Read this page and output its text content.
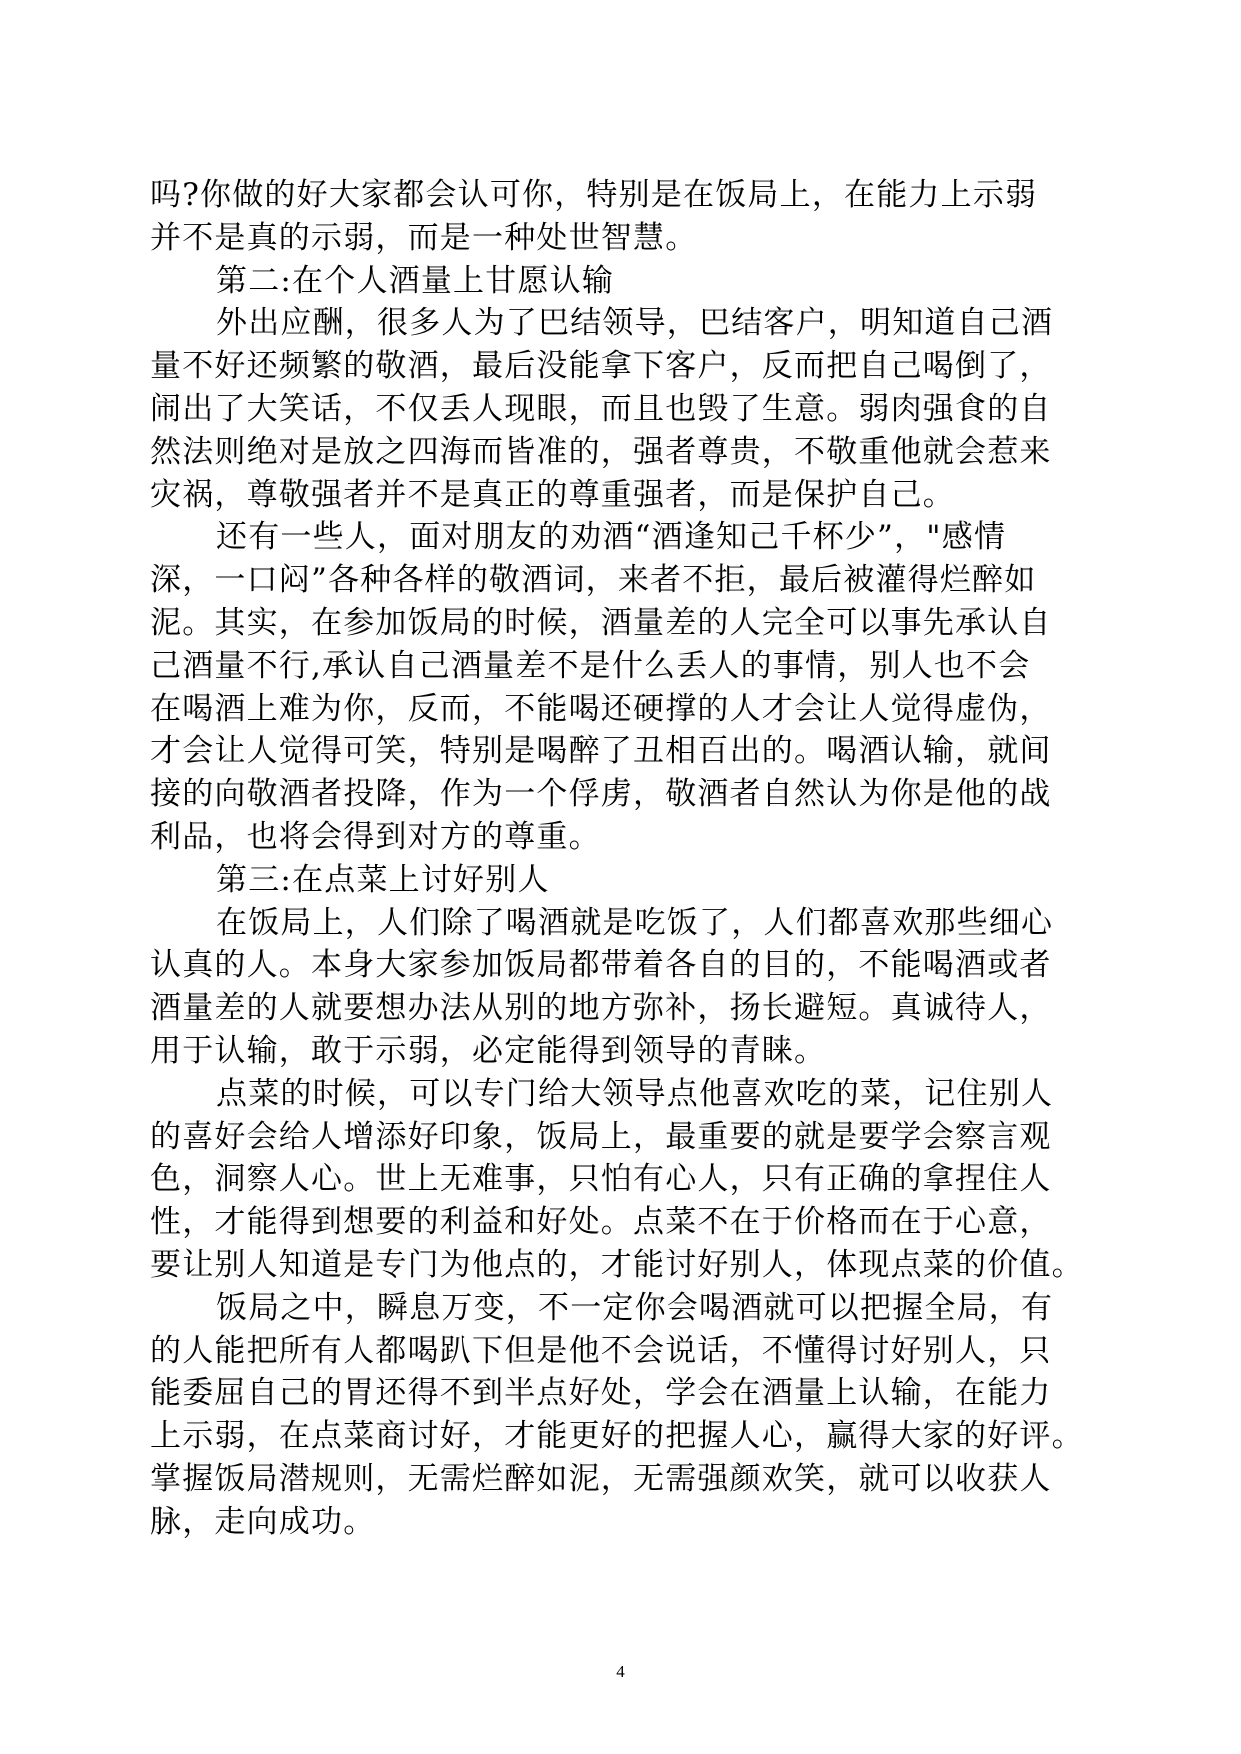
吗?你做的好大家都会认可你，特别是在饭局上，在能力上示弱
并不是真的示弱，而是一种处世智慧。
第二:在个人酒量上甘愿认输
外出应酬，很多人为了巴结领导，巴结客户，明知道自己酒
量不好还频繁的敬酒，最后没能拿下客户，反而把自己喝倒了，
闹出了大笑话，不仅丢人现眼，而且也毁了生意。弱肉强食的自
然法则绝对是放之四海而皆准的，强者尊贵，不敬重他就会惹来
灾祸，尊敬强者并不是真正的尊重强者，而是保护自己。
还有一些人，面对朋友的劝酒“酒逢知己千杯少”，"感情
深，一口闷”各种各样的敬酒词，来者不拒，最后被灌得烂醉如
泥。其实，在参加饭局的时候，酒量差的人完全可以事先承认自
己酒量不行,承认自己酒量差不是什么丢人的事情，别人也不会
在喝酒上难为你，反而，不能喝还硬撑的人才会让人觉得虚伪，
才会让人觉得可笑，特别是喝醉了丑相百出的。喝酒认输，就间
接的向敬酒者投降，作为一个俘虏，敬酒者自然认为你是他的战
利品，也将会得到对方的尊重。
第三:在点菜上讨好别人
在饭局上，人们除了喝酒就是吃饭了，人们都喜欢那些细心
认真的人。本身大家参加饭局都带着各自的目的，不能喝酒或者
酒量差的人就要想办法从别的地方弥补，扬长避短。真诚待人，
用于认输，敢于示弱，必定能得到领导的青睐。
点菜的时候，可以专门给大领导点他喜欢吃的菜，记住别人
的喜好会给人增添好印象，饭局上，最重要的就是要学会察言观
色，洞察人心。世上无难事，只怕有心人，只有正确的拿捏住人
性，才能得到想要的利益和好处。点菜不在于价格而在于心意，
要让别人知道是专门为他点的，才能讨好别人，体现点菜的价值。
饭局之中，瞬息万变，不一定你会喝酒就可以把握全局，有
的人能把所有人都喝趴下但是他不会说话，不懂得讨好别人，只
能委屈自己的胃还得不到半点好处，学会在酒量上认输，在能力
上示弱，在点菜商讨好，才能更好的把握人心，赢得大家的好评。
掌握饭局潜规则，无需烂醉如泥，无需强颜欢笑，就可以收获人
脉，走向成功。
4
